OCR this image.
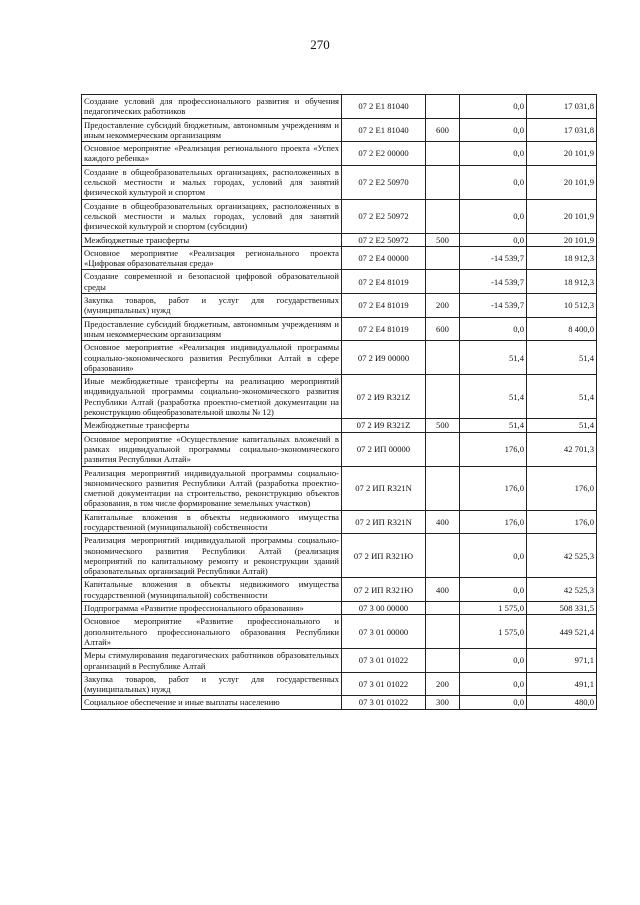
270
Создание условий для профессионального развития и обучения педагогических работников	07 2 E1 81040		0,0	17 031,8
Предоставление субсидий бюджетным, автономным учреждениям и иным некоммерческим организациям	07 2 E1 81040	600	0,0	17 031,8
Основное мероприятие «Реализация регионального проекта «Успех каждого ребенка»	07 2 E2 00000		0,0	20 101,9
Создание в общеобразовательных организациях, расположенных в сельской местности и малых городах, условий для занятий физической культурой и спортом	07 2 E2 50970		0,0	20 101,9
Создание в общеобразовательных организациях, расположенных в сельской местности и малых городах, условий для занятий физической культурой и спортом (субсидии)	07 2 E2 50972		0,0	20 101,9
Межбюджетные трансферты	07 2 E2 50972	500	0,0	20 101,9
Основное мероприятие «Реализация регионального проекта «Цифровая образовательная среда»	07 2 E4 00000		-14 539,7	18 912,3
Создание современной и безопасной цифровой образовательной среды	07 2 E4 81019		-14 539,7	18 912,3
Закупка товаров, работ и услуг для государственных (муниципальных) нужд	07 2 E4 81019	200	-14 539,7	10 512,3
Предоставление субсидий бюджетным, автономным учреждениям и иным некоммерческим организациям	07 2 E4 81019	600	0,0	8 400,0
Основное мероприятие «Реализация индивидуальной программы социально-экономического развития Республики Алтай в сфере образования»	07 2 И9 00000		51,4	51,4
Иные межбюджетные трансферты на реализацию мероприятий индивидуальной программы социально-экономического развития Республики Алтай (разработка проектно-сметной документации на реконструкцию общеобразовательной школы № 12)	07 2 И9 R321Z		51,4	51,4
Межбюджетные трансферты	07 2 И9 R321Z	500	51,4	51,4
Основное мероприятие «Осуществление капитальных вложений в рамках индивидуальной программы социально-экономического развития Республики Алтай»	07 2 ИП 00000		176,0	42 701,3
Реализация мероприятий индивидуальной программы социально-экономического развития Республики Алтай (разработка проектно-сметной документации на строительство, реконструкцию объектов образования, в том числе формирование земельных участков)	07 2 ИП R321N		176,0	176,0
Капитальные вложения в объекты недвижимого имущества государственной (муниципальной) собственности	07 2 ИП R321N	400	176,0	176,0
Реализация мероприятий индивидуальной программы социально-экономического развития Республики Алтай (реализация мероприятий по капитальному ремонту и реконструкции зданий образовательных организаций Республики Алтай)	07 2 ИП R321Ю		0,0	42 525,3
Капитальные вложения в объекты недвижимого имущества государственной (муниципальной) собственности	07 2 ИП R321Ю	400	0,0	42 525,3
Подпрограмма «Развитие профессионального образования»	07 3 00 00000		1 575,0	508 331,5
Основное мероприятие «Развитие профессионального и дополнительного профессионального образования Республики Алтай»	07 3 01 00000		1 575,0	449 521,4
Меры стимулирования педагогических работников образовательных организаций в Республике Алтай	07 3 01 01022		0,0	971,1
Закупка товаров, работ и услуг для государственных (муниципальных) нужд	07 3 01 01022	200	0,0	491,1
Социальное обеспечение и иные выплаты населению	07 3 01 01022	300	0,0	480,0
